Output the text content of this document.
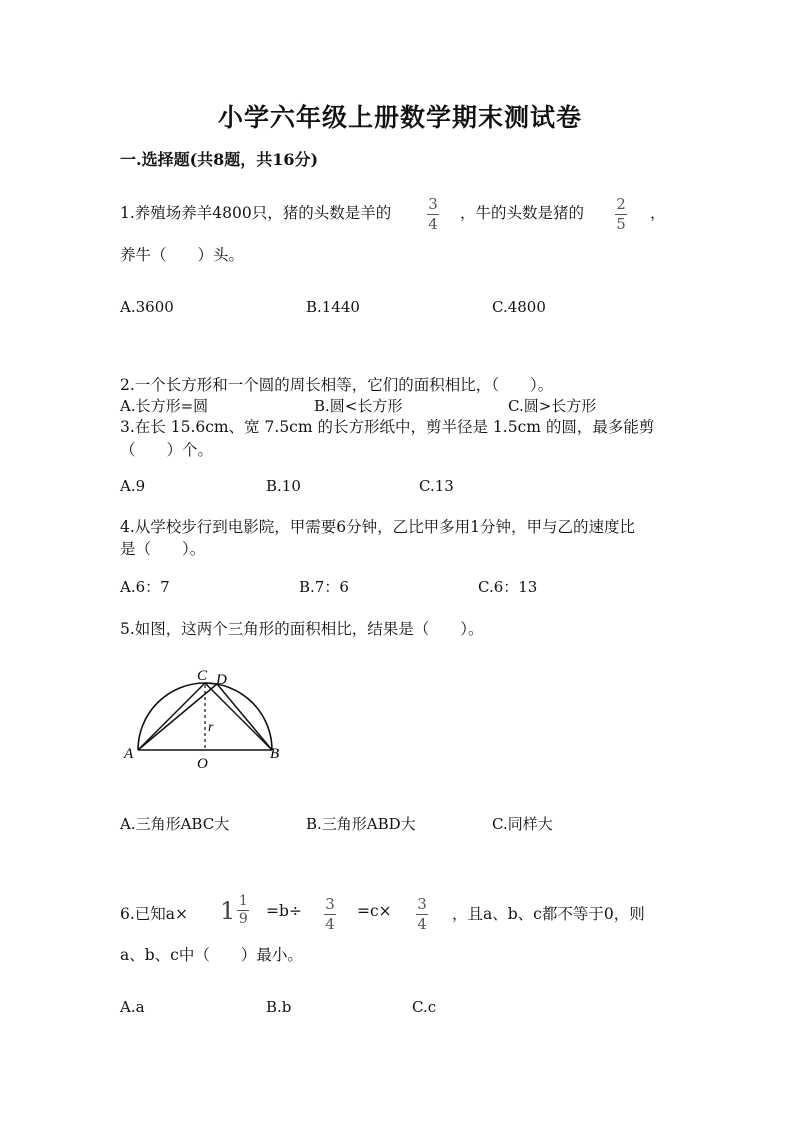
小学六年级上册数学期末测试卷
一.选择题(共8题，共16分)
1.养殖场养羊4800只，猪的头数是羊的 3
4
，牛的头数是猪的 2
5
，
养牛（　　）头。
A.3600	B.1440	C.4800
2.一个长方形和一个圆的周长相等，它们的面积相比，（　　）。
A.长方形=圆	B.圆<长方形	C.圆>长方形
3.在长 15.6cm、宽 7.5cm 的长方形纸中，剪半径是 1.5cm 的圆，最多能剪
（　　）个。
A.9	B.10	C.13
4.从学校步行到电影院，甲需要6分钟，乙比甲多用1分钟，甲与乙的速度比
是（　　）。
A.6：7	B.7：6	C.6：13
5.如图，这两个三角形的面积相比，结果是（　　）。
A	B
C D
O
r
A.三角形ABC大	B.三角形ABD大	C.同样大
6.已知$a\times 1 \frac{1}{9} =b\div 3$
4
=c× 3
4
，且a、b、c都不等于0，则
a、b、c中（　　）最小。
A.a	B.b	C.c
